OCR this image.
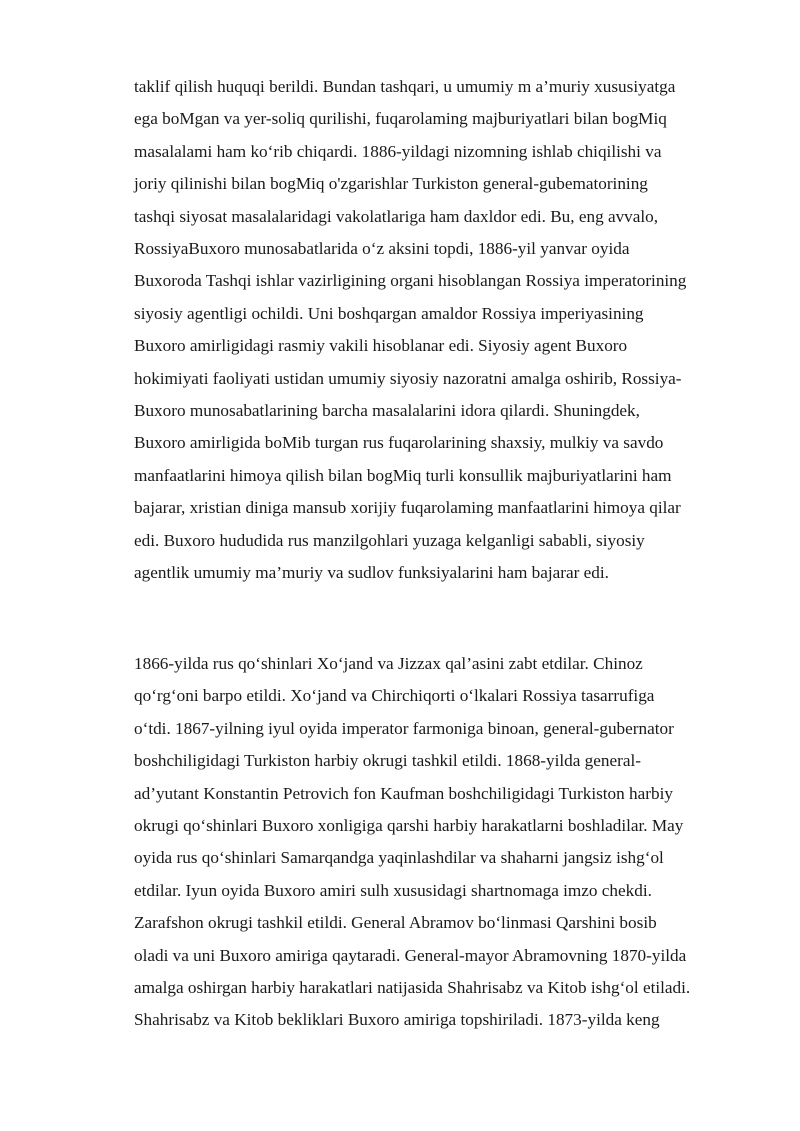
taklif qilish huquqi berildi. Bundan tashqari, u umumiy m a’muriy xususiyatga
ega boMgan va yer-soliq qurilishi, fuqarolaming majburiyatlari bilan bogMiq
masalalami ham ko‘rib chiqardi. 1886-yildagi nizomning ishlab chiqilishi va
joriy qilinishi bilan bogMiq o'zgarishlar Turkiston general-gubematorining
tashqi siyosat masalalaridagi vakolatlariga ham daxldor edi. Bu, eng avvalo,
RossiyaBuxoro munosabatlarida o‘z aksini topdi, 1886-yil yanvar oyida
Buxoroda Tashqi ishlar vazirligining organi hisoblangan Rossiya imperatorining
siyosiy agentligi ochildi. Uni boshqargan amaldor Rossiya imperiyasining
Buxoro amirligidagi rasmiy vakili hisoblanar edi. Siyosiy agent Buxoro
hokimiyati faoliyati ustidan umumiy siyosiy nazoratni amalga oshirib, Rossiya-
Buxoro munosabatlarining barcha masalalarini idora qilardi. Shuningdek,
Buxoro amirligida boMib turgan rus fuqarolarining shaxsiy, mulkiy va savdo
manfaatlarini himoya qilish bilan bogMiq turli konsullik majburiyatlarini ham
bajarar, xristian diniga mansub xorijiy fuqarolaming manfaatlarini himoya qilar
edi. Buxoro hududida rus manzilgohlari yuzaga kelganligi sababli, siyosiy
agentlik umumiy ma’muriy va sudlov funksiyalarini ham bajarar edi.
1866-yilda rus qo‘shinlari Xo‘jand va Jizzax qal’asini zabt etdilar. Chinoz
qo‘rg‘oni barpo etildi. Xo‘jand va Chirchiqorti o‘lkalari Rossiya tasarrufiga
o‘tdi. 1867-yilning iyul oyida imperator farmoniga binoan, general-gubernator
boshchiligidagi Turkiston harbiy okrugi tashkil etildi. 1868-yilda general-
ad’yutant Konstantin Petrovich fon Kaufman boshchiligidagi Turkiston harbiy
okrugi qo‘shinlari Buxoro xonligiga qarshi harbiy harakatlarni boshladilar. May
oyida rus qo‘shinlari Samarqandga yaqinlashdilar va shaharni jangsiz ishg‘ol
etdilar. Iyun oyida Buxoro amiri sulh xususidagi shartnomaga imzo chekdi.
Zarafshon okrugi tashkil etildi. General Abramov bo‘linmasi Qarshini bosib
oladi va uni Buxoro amiriga qaytaradi. General-mayor Abramovning 1870-yilda
amalga oshirgan harbiy harakatlari natijasida Shahrisabz va Kitob ishg‘ol etiladi.
Shahrisabz va Kitob bekliklari Buxoro amiriga topshiriladi. 1873-yilda keng
